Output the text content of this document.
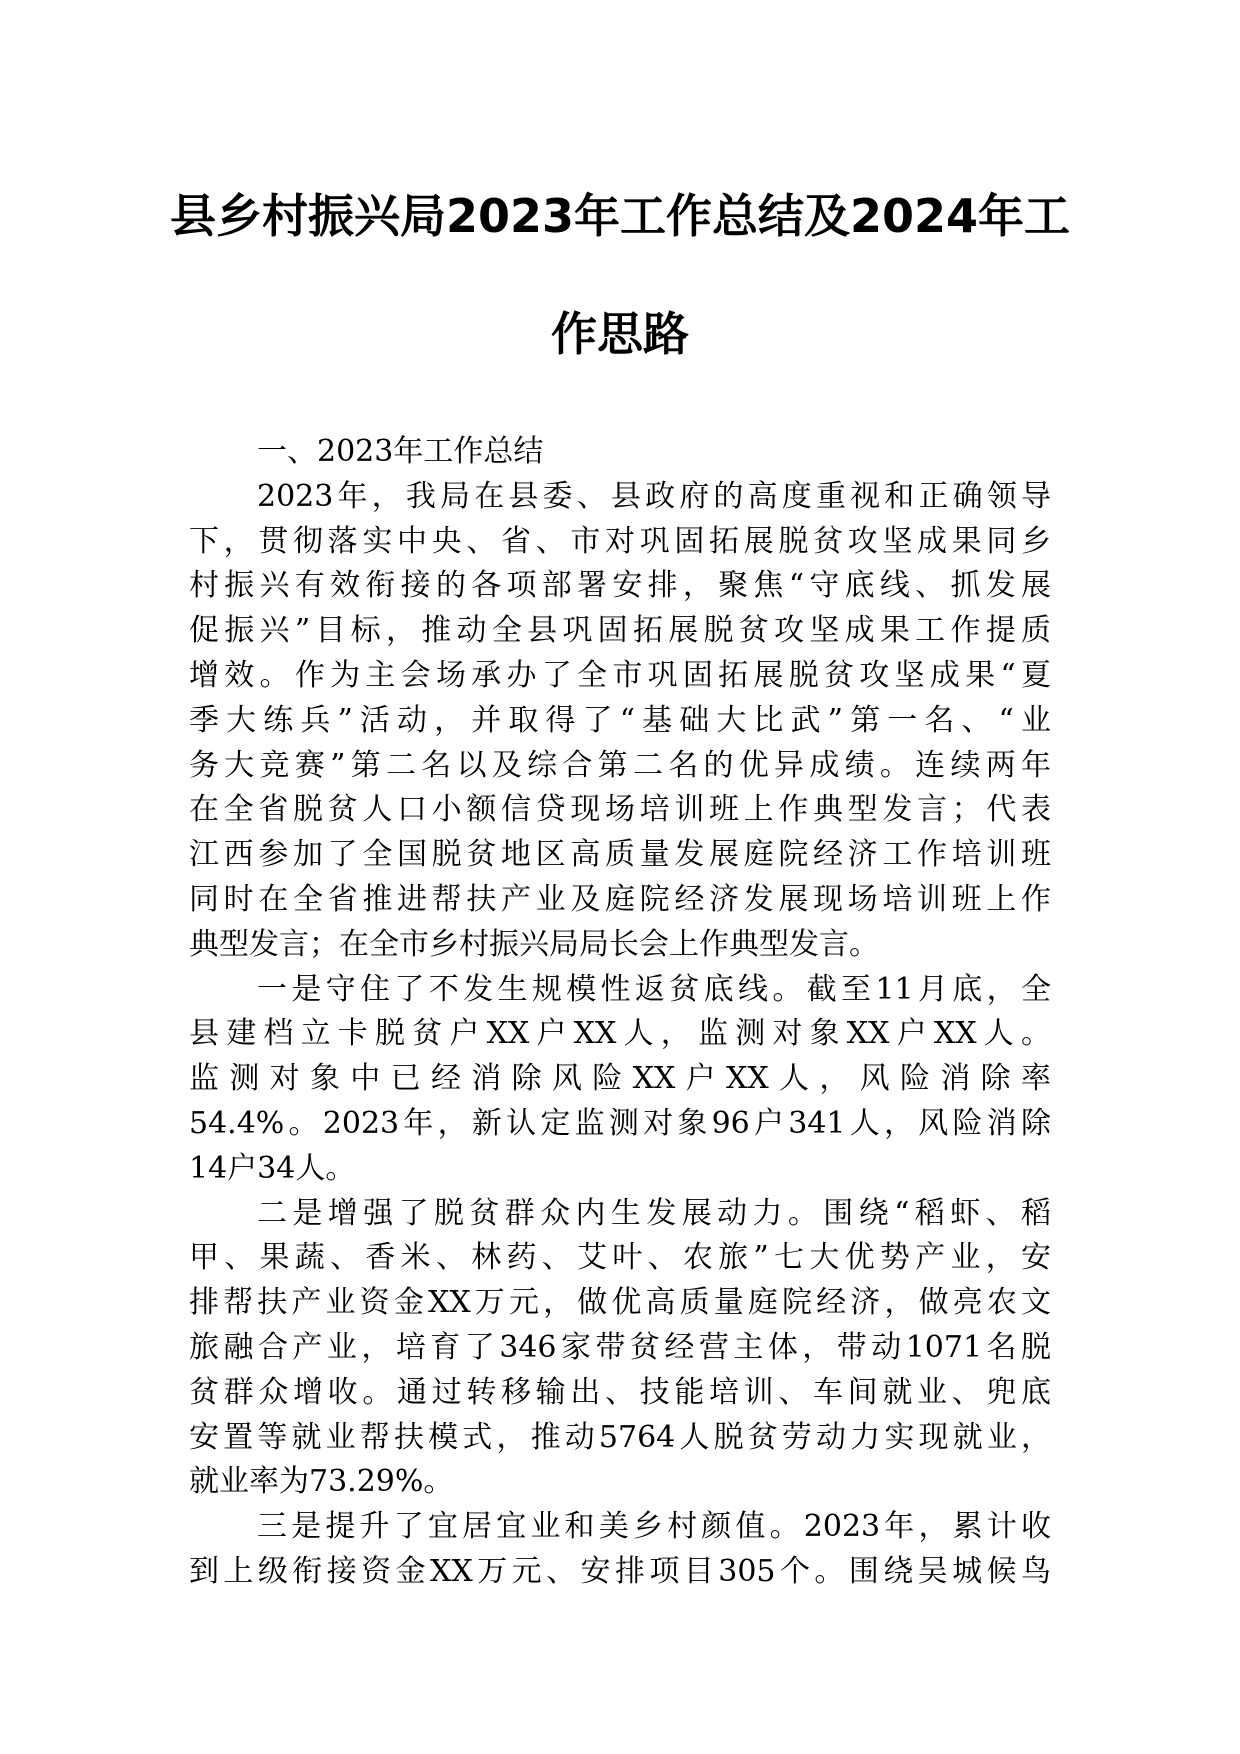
县乡村振兴局2023年工作总结及2024年工
作思路
一、2023年工作总结
2023年，我局在县委、县政府的高度重视和正确领导
下，贯彻落实中央、省、市对巩固拓展脱贫攻坚成果同乡
村振兴有效衔接的各项部署安排，聚焦“守底线、抓发展
促振兴”目标，推动全县巩固拓展脱贫攻坚成果工作提质
增效。作为主会场承办了全市巩固拓展脱贫攻坚成果“夏
季大练兵”活动，并取得了“基础大比武”第一名、“业
务大竞赛”第二名以及综合第二名的优异成绩。连续两年
在全省脱贫人口小额信贷现场培训班上作典型发言；代表
江西参加了全国脱贫地区高质量发展庭院经济工作培训班
同时在全省推进帮扶产业及庭院经济发展现场培训班上作
典型发言；在全市乡村振兴局局长会上作典型发言。
一是守住了不发生规模性返贫底线。截至11月底，全
县建档立卡脱贫户XX户XX人，监测对象XX户XX人。
监测对象中已经消除风险XX户XX人，风险消除率
54.4%。2023年，新认定监测对象96户341人，风险消除
14户34人。
二是增强了脱贫群众内生发展动力。围绕“稻虾、稻
甲、果蔬、香米、林药、艾叶、农旅”七大优势产业，安
排帮扶产业资金XX万元，做优高质量庭院经济，做亮农文
旅融合产业，培育了346家带贫经营主体，带动1071名脱
贫群众增收。通过转移输出、技能培训、车间就业、兜底
安置等就业帮扶模式，推动5764人脱贫劳动力实现就业，
就业率为73.29%。
三是提升了宜居宜业和美乡村颜值。2023年，累计收
到上级衔接资金XX万元、安排项目305个。围绕吴城候鸟
